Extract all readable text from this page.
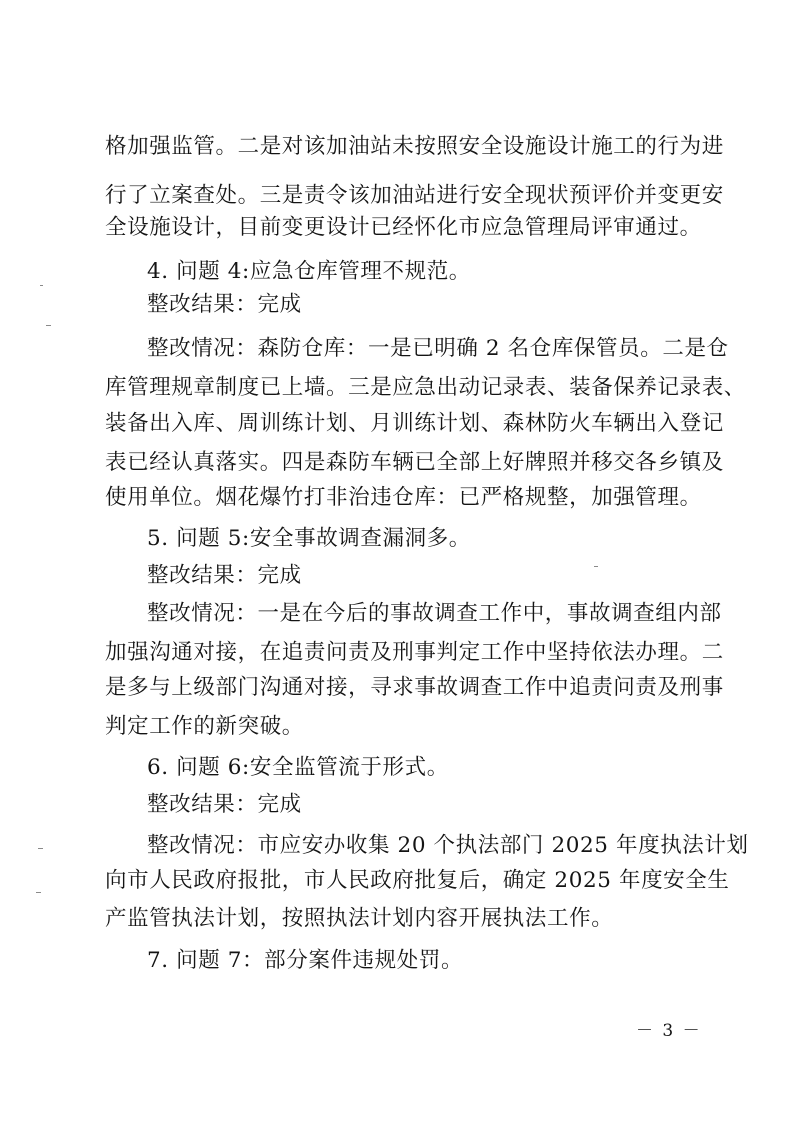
格加强监管。二是对该加油站未按照安全设施设计施工的行为进
行了立案查处。三是责令该加油站进行安全现状预评价并变更安
全设施设计，目前变更设计已经怀化市应急管理局评审通过。
4. 问题 4:应急仓库管理不规范。
整改结果：完成
整改情况：森防仓库：一是已明确 2 名仓库保管员。二是仓
库管理规章制度已上墙。三是应急出动记录表、装备保养记录表、
装备出入库、周训练计划、月训练计划、森林防火车辆出入登记
表已经认真落实。四是森防车辆已全部上好牌照并移交各乡镇及
使用单位。烟花爆竹打非治违仓库：已严格规整，加强管理。
5. 问题 5:安全事故调查漏洞多。
整改结果：完成
整改情况：一是在今后的事故调查工作中，事故调查组内部
加强沟通对接，在追责问责及刑事判定工作中坚持依法办理。二
是多与上级部门沟通对接，寻求事故调查工作中追责问责及刑事
判定工作的新突破。
6. 问题 6:安全监管流于形式。
整改结果：完成
整改情况：市应安办收集 20 个执法部门 2025 年度执法计划
向市人民政府报批，市人民政府批复后，确定 2025 年度安全生
产监管执法计划，按照执法计划内容开展执法工作。
7. 问题 7：部分案件违规处罚。
－ 3 －
